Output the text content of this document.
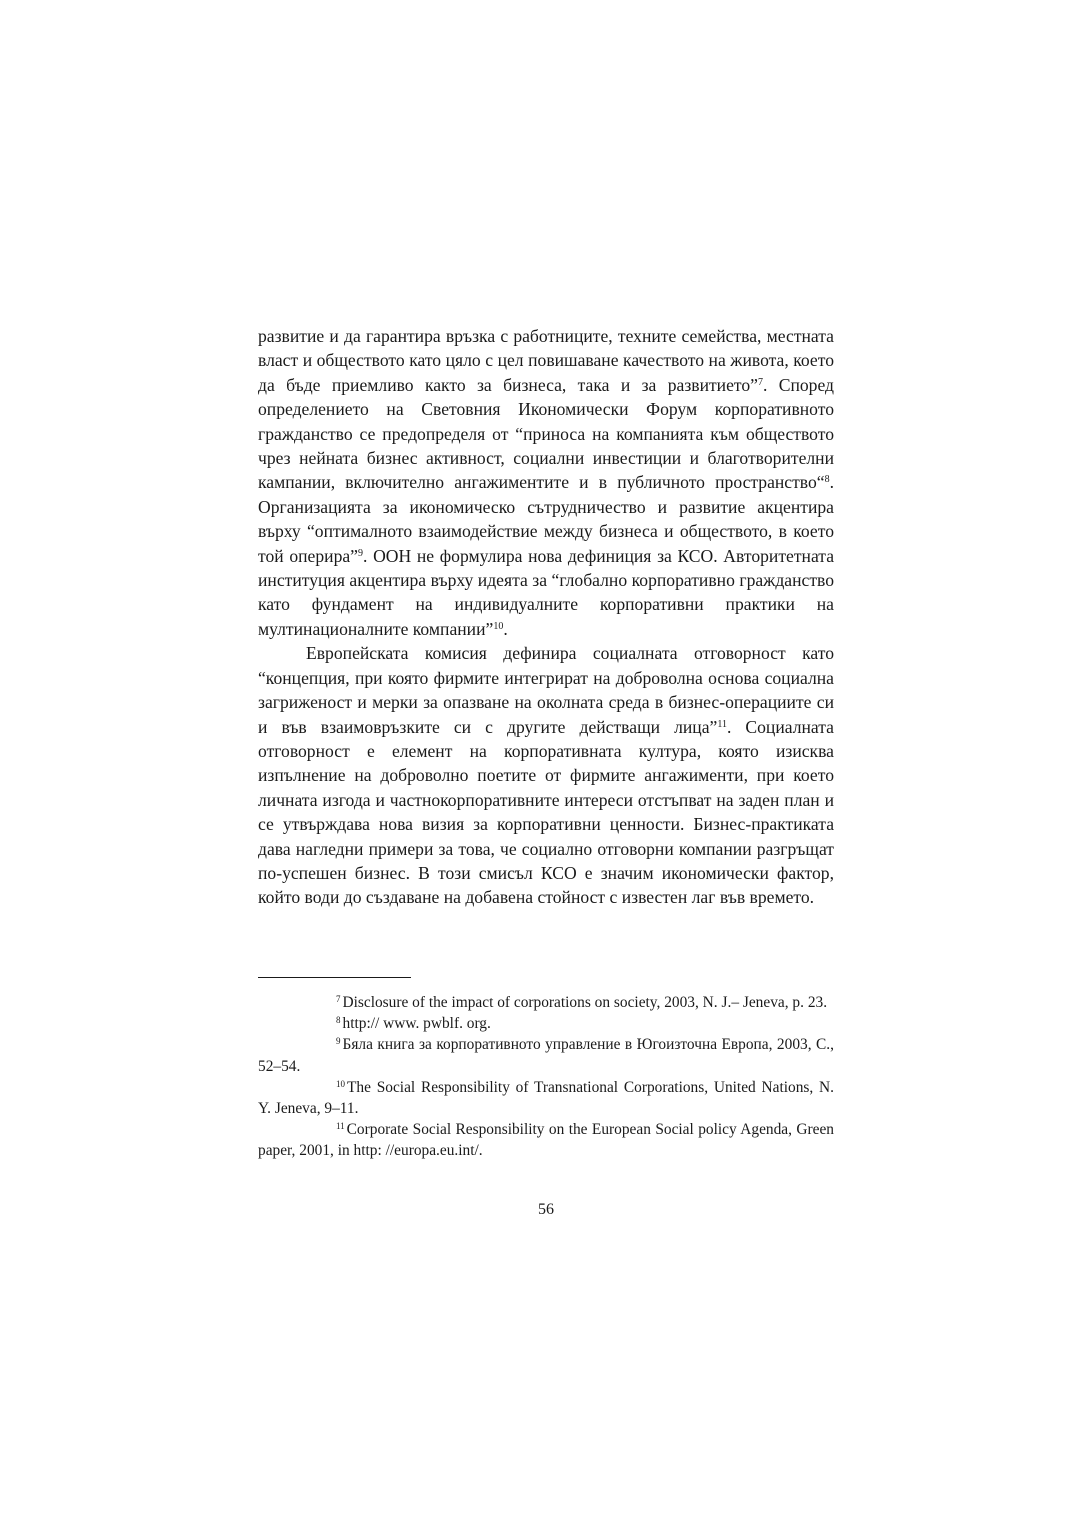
развитие и да гарантира връзка с работниците, техните семейства, местната власт и обществото като цяло с цел повишаване качеството на живота, което да бъде приемливо както за бизнеса, така и за развитието”$^7$. Според определението на Световния Икономически Форум корпоративното гражданство се предопределя от “приноса на компанията към обществото чрез нейната бизнес активност, социални инвестиции и благотворителни кампании, включително ангажиментите и в публичното пространство“$^8$. Организацията за икономическо сътрудничество и развитие акцентира върху “оптималното взаимодействие между бизнеса и обществото, в което той оперира”$^9$. ООН не формулира нова дефиниция за КСО. Авторитетната институция акцентира върху идеята за “глобално корпоративно гражданство като фундамент на индивидуалните корпоративни практики на мултинационалните компании”$^{10}$.

Европейската комисия дефинира социалната отговорност като “концепция, при която фирмите интегрират на доброволна основа социална загриженост и мерки за опазване на околната среда в бизнес-операциите си и във взаимовръзките си с другите действащи лица”$^{11}$. Социалната отговорност е елемент на корпоративната култура, която изисква изпълнение на доброволно поетите от фирмите ангажименти, при което личната изгода и частнокорпоративните интереси отстъпват на заден план и се утвърждава нова визия за корпоративни ценности. Бизнес-практиката дава нагледни примери за това, че социално отговорни компании разгръщат по-успешен бизнес. В този смисъл КСО е значим икономически фактор, който води до създаване на добавена стойност с известен лаг във времето.

$^7$ Disclosure of the impact of corporations on society, 2003, N. J.– Jeneva, p. 23.

$^8$ http:// www. pwblf. org.

$^9$ Бяла книга за корпоративното управление в Югоизточна Европа, 2003, С., 52–54.

$^{10}$ The Social Responsibility of Transnational Corporations, United Nations, N. Y. Jeneva, 9–11.

$^{11}$ Corporate Social Responsibility on the European Social policy Agenda, Green paper, 2001, in http: //europa.eu.int/.

56
